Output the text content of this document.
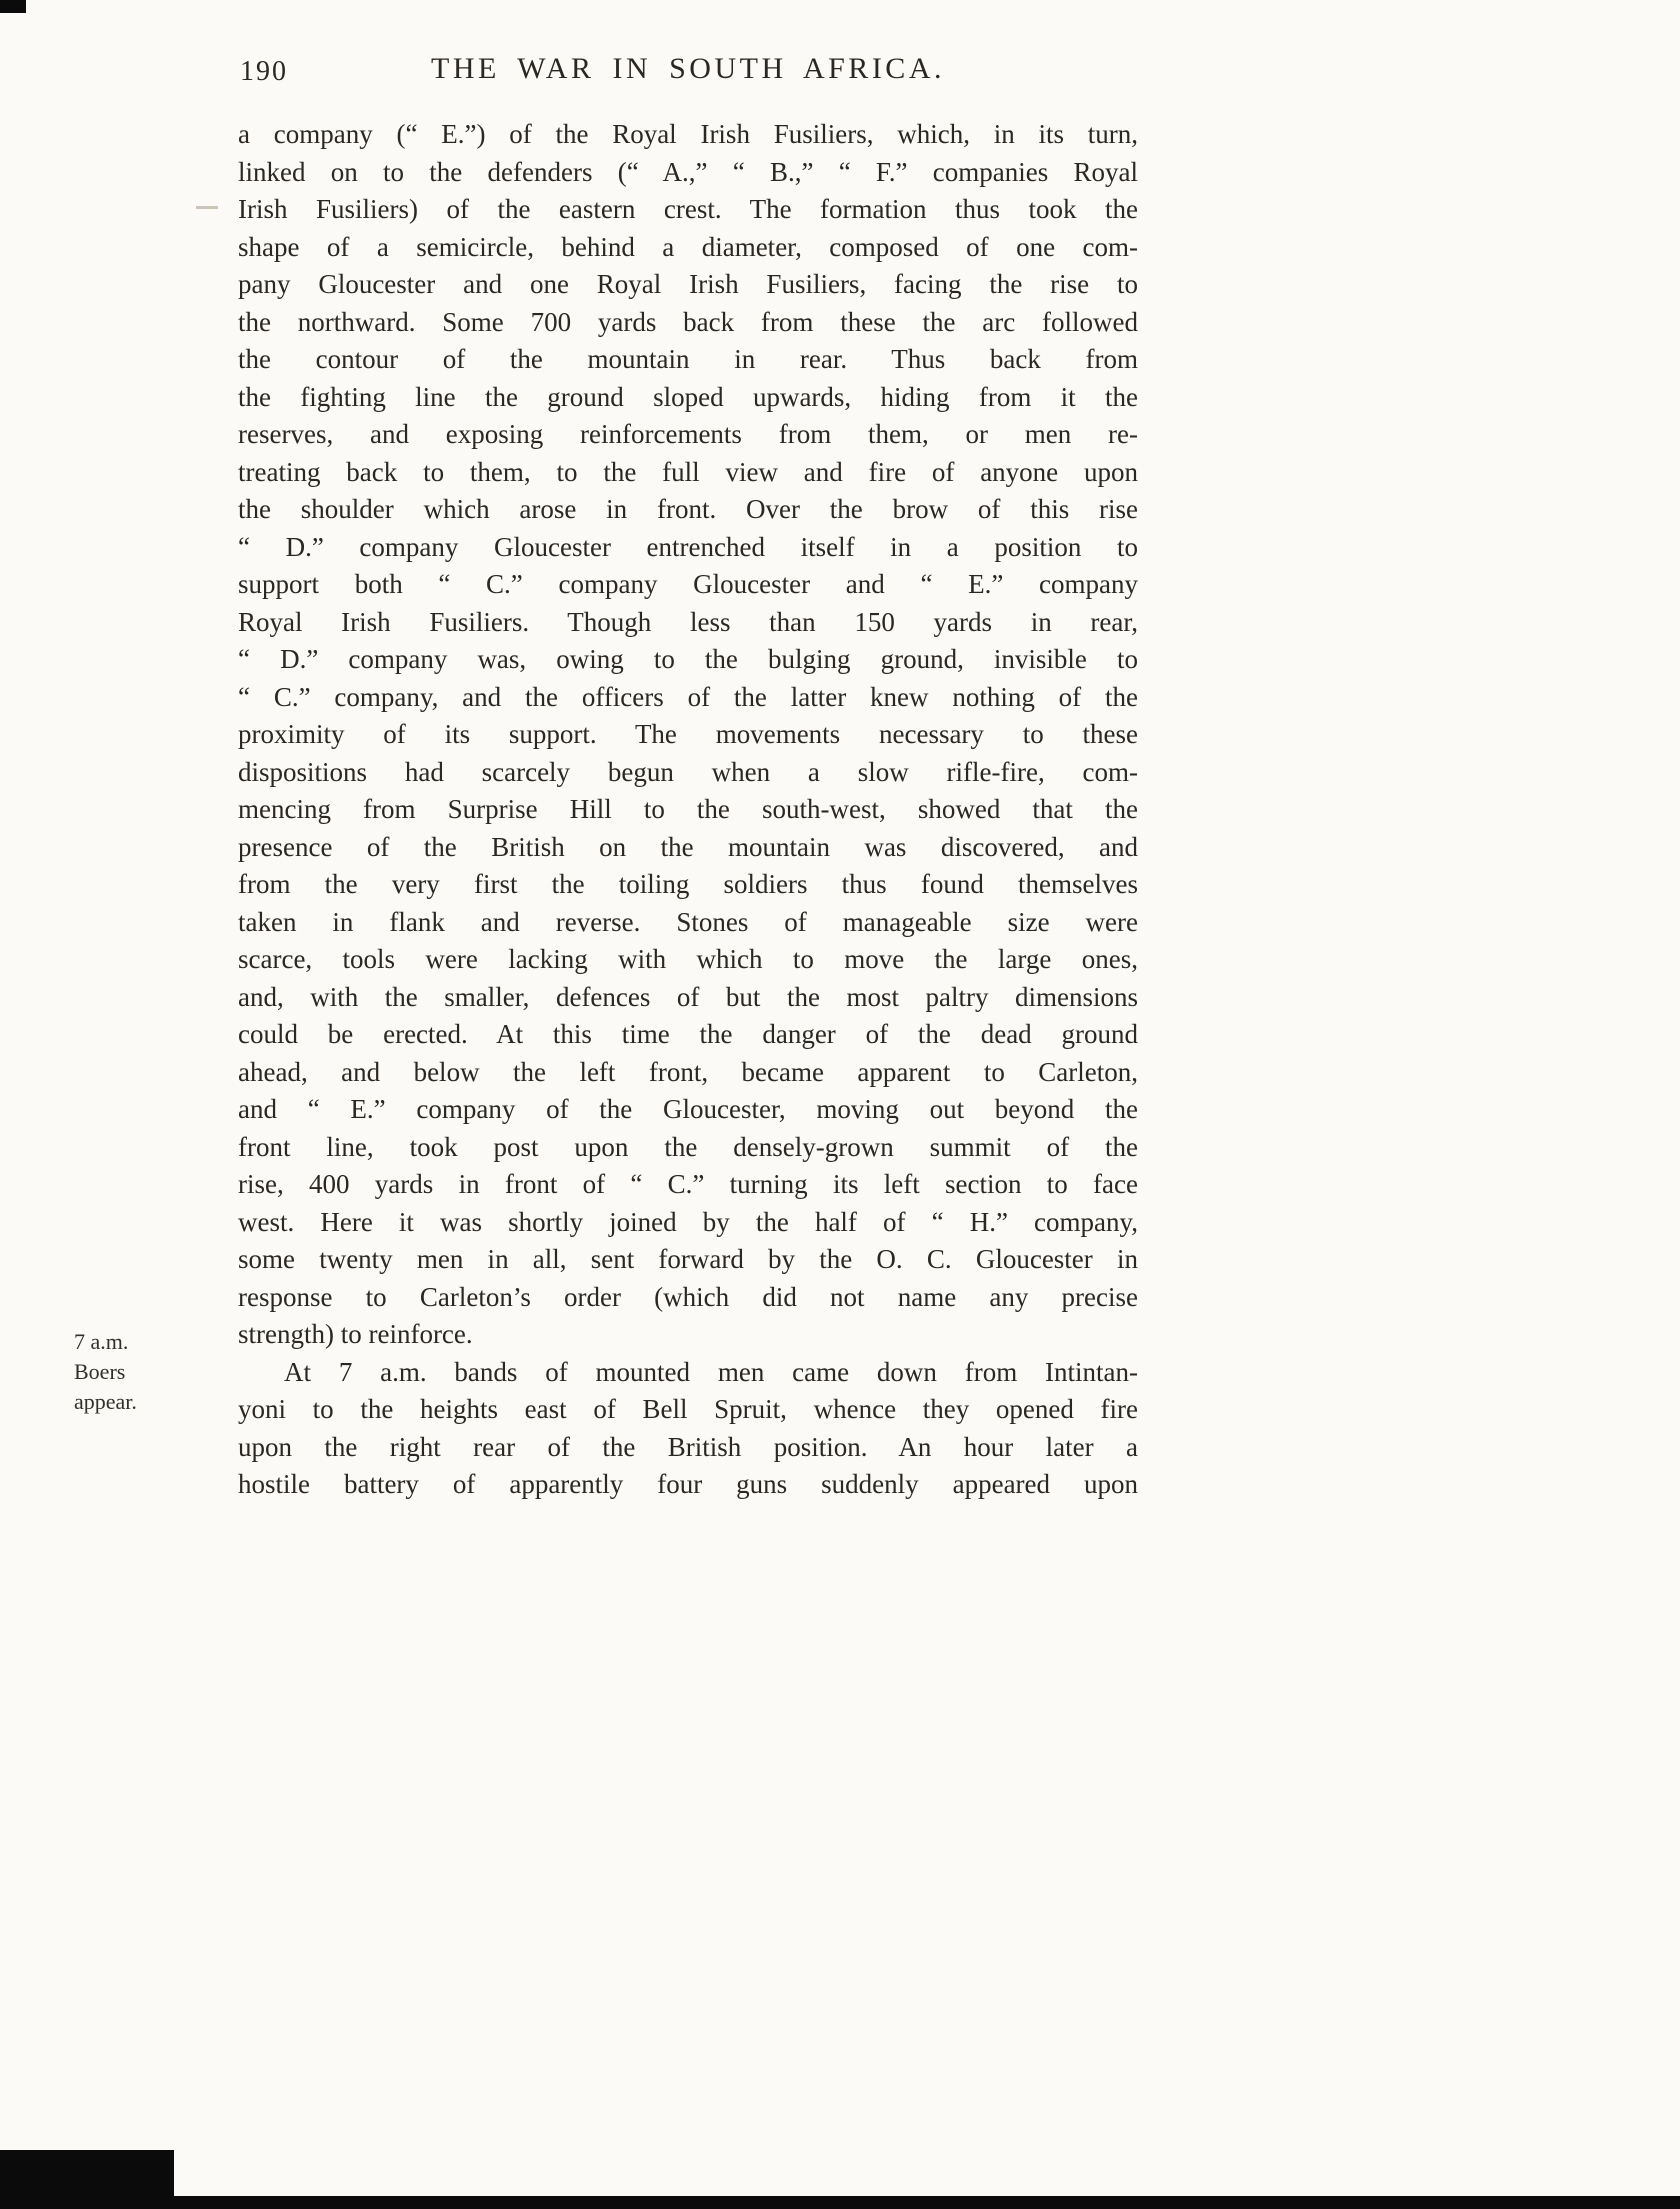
190	THE WAR IN SOUTH AFRICA.
7 a.m.
Boers
appear.

a company (“ E.”) of the Royal Irish Fusiliers, which, in its turn,
linked on to the defenders (“ A.,” “ B.,” “ F.” companies Royal
Irish Fusiliers) of the eastern crest. The formation thus took the
shape of a semicircle, behind a diameter, composed of one com-
pany Gloucester and one Royal Irish Fusiliers, facing the rise to
the northward. Some 700 yards back from these the arc followed
the contour of the mountain in rear. Thus back from
the fighting line the ground sloped upwards, hiding from it the
reserves, and exposing reinforcements from them, or men re-
treating back to them, to the full view and fire of anyone upon
the shoulder which arose in front. Over the brow of this rise
“ D.” company Gloucester entrenched itself in a position to
support both “ C.” company Gloucester and “ E.” company
Royal Irish Fusiliers. Though less than 150 yards in rear,
“ D.” company was, owing to the bulging ground, invisible to
“ C.” company, and the officers of the latter knew nothing of the
proximity of its support. The movements necessary to these
dispositions had scarcely begun when a slow rifle-fire, com-
mencing from Surprise Hill to the south-west, showed that the
presence of the British on the mountain was discovered, and
from the very first the toiling soldiers thus found themselves
taken in flank and reverse. Stones of manageable size were
scarce, tools were lacking with which to move the large ones,
and, with the smaller, defences of but the most paltry dimensions
could be erected. At this time the danger of the dead ground
ahead, and below the left front, became apparent to Carleton,
and “ E.” company of the Gloucester, moving out beyond the
front line, took post upon the densely-grown summit of the
rise, 400 yards in front of “ C.” turning its left section to face
west. Here it was shortly joined by the half of “ H.” company,
some twenty men in all, sent forward by the O. C. Gloucester in
response to Carleton’s order (which did not name any precise
strength) to reinforce.

At 7 a.m. bands of mounted men came down from Intintan-
yoni to the heights east of Bell Spruit, whence they opened fire
upon the right rear of the British position. An hour later a
hostile battery of apparently four guns suddenly appeared upon
